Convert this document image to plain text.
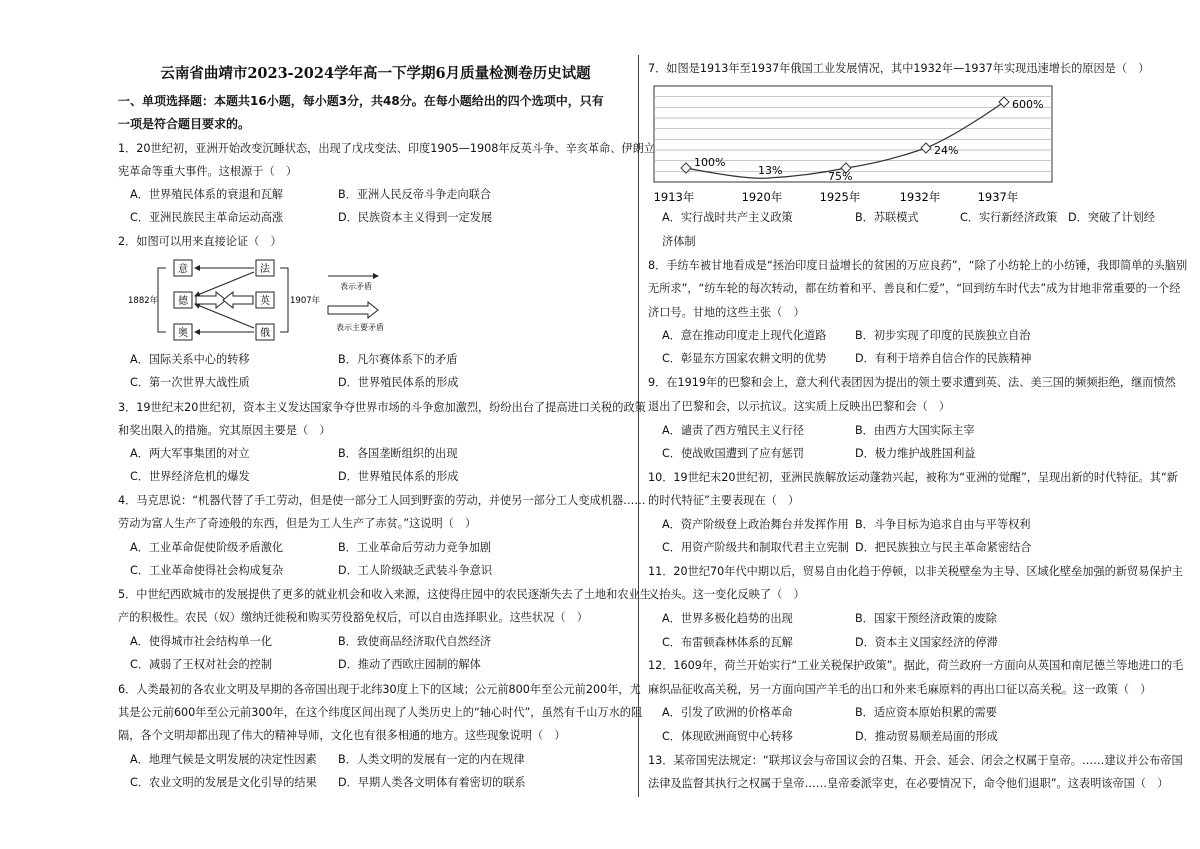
云南省曲靖市2023-2024学年高一下学期6月质量检测卷历史试题
一、单项选择题：本题共16小题，每小题3分，共48分。在每小题给出的四个选项中，只有
一项是符合题目要求的。
1．20世纪初，亚洲开始改变沉睡状态，出现了戊戌变法、印度1905—1908年反英斗争、辛亥革命、伊朗立
宪革命等重大事件。这根源于（　）
A．世界殖民体系的衰退和瓦解	B．亚洲人民反帝斗争走向联合
C．亚洲民族民主革命运动高涨	D．民族资本主义得到一定发展
2．如图可以用来直接论证（　）
意
德
奥
法
英
俄
1882年	1907年
表示矛盾
表示主要矛盾
A．国际关系中心的转移	B．凡尔赛体系下的矛盾
C．第一次世界大战性质	D．世界殖民体系的形成
3．19世纪末20世纪初，资本主义发达国家争夺世界市场的斗争愈加激烈，纷纷出台了提高进口关税的政策
和奖出限入的措施。究其原因主要是（　）
A．两大军事集团的对立	B．各国垄断组织的出现
C．世界经济危机的爆发	D．世界殖民体系的形成
4．马克思说：“机器代替了手工劳动，但是使一部分工人回到野蛮的劳动，并使另一部分工人变成机器……
劳动为富人生产了奇迹般的东西，但是为工人生产了赤贫。”这说明（　）
A．工业革命促使阶级矛盾激化	B．工业革命后劳动力竞争加剧
C．工业革命使得社会构成复杂	D．工人阶级缺乏武装斗争意识
5．中世纪西欧城市的发展提供了更多的就业机会和收入来源，这使得庄园中的农民逐渐失去了土地和农业生
产的积极性。农民（奴）缴纳迁徙税和购买劳役豁免权后，可以自由选择职业。这些状况（　）
A．使得城市社会结构单一化	B．致使商品经济取代自然经济
C．减弱了王权对社会的控制	D．推动了西欧庄园制的解体
6．人类最初的各农业文明及早期的各帝国出现于北纬30度上下的区域；公元前800年至公元前200年，尤
其是公元前600年至公元前300年，在这个纬度区间出现了人类历史上的“轴心时代”，虽然有千山万水的阻
隔，各个文明却都出现了伟大的精神导师，文化也有很多相通的地方。这些现象说明（　）
A．地理气候是文明发展的决定性因素 B．人类文明的发展有一定的内在规律
C．农业文明的发展是文化引导的结果 D．早期人类各文明体有着密切的联系
7．如图是1913年至1937年俄国工业发展情况，其中1932年—1937年实现迅速增长的原因是（　）
100%
13%	75%
24%
600%
1913年	1920年	1925年	1932年	1937年
A．实行战时共产主义政策	B．苏联模式	C．实行新经济政策 D．突破了计划经
济体制
8．手纺车被甘地看成是“拯治印度日益增长的贫困的万应良药”，“除了小纺轮上的小纺锤，我即简单的头脑别
无所求”，“纺车轮的每次转动，都在纺着和平、善良和仁爱”，“回到纺车时代去”成为甘地非常重要的一个经
济口号。甘地的这些主张（　）
A．意在推动印度走上现代化道路	B．初步实现了印度的民族独立自治
C．彰显东方国家农耕文明的优势	D．有利于培养自信合作的民族精神
9．在1919年的巴黎和会上，意大利代表团因为提出的领土要求遭到英、法、美三国的频频拒绝，继而愤然
退出了巴黎和会，以示抗议。这实质上反映出巴黎和会（　）
A．谴责了西方殖民主义行径	B．由西方大国实际主宰
C．使战败国遭到了应有惩罚	D．极力维护战胜国利益
10．19世纪末20世纪初，亚洲民族解放运动蓬勃兴起，被称为“亚洲的觉醒”，呈现出新的时代特征。其“新
的时代特征”主要表现在（　）
A．资产阶级登上政治舞台并发挥作用 B．斗争目标为追求自由与平等权利
C．用资产阶级共和制取代君主立宪制 D．把民族独立与民主革命紧密结合
11．20世纪70年代中期以后，贸易自由化趋于停顿，以非关税壁垒为主导、区域化壁垒加强的新贸易保护主
义抬头。这一变化反映了（　）
A．世界多极化趋势的出现	B．国家干预经济政策的废除
C．布雷顿森林体系的瓦解	D．资本主义国家经济的停滞
12．1609年，荷兰开始实行“工业关税保护政策”。据此，荷兰政府一方面向从英国和南尼德兰等地进口的毛
麻织品征收高关税，另一方面向国产羊毛的出口和外来毛麻原料的再出口征以高关税。这一政策（　）
A．引发了欧洲的价格革命	B．适应资本原始积累的需要
C．体现欧洲商贸中心转移	D．推动贸易顺差局面的形成
13．某帝国宪法规定：“联邦议会与帝国议会的召集、开会、延会、闭会之权属于皇帝。……建议并公布帝国
法律及监督其执行之权属于皇帝……皇帝委派宰吏，在必要情况下，命令他们退职”。这表明该帝国（　）
